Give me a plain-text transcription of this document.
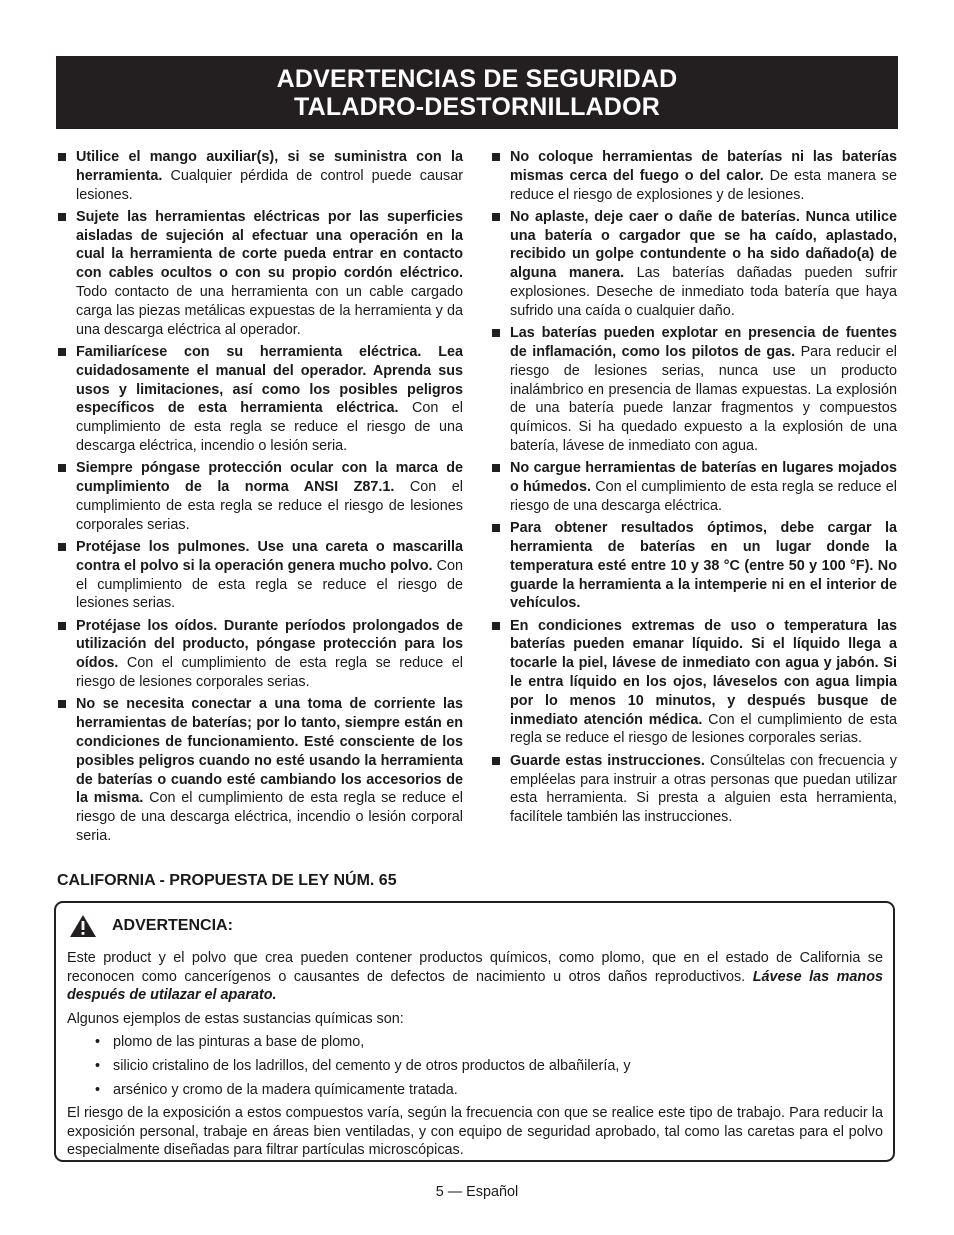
ADVERTENCIAS DE SEGURIDAD
TALADRO-DESTORNILLADOR
Utilice el mango auxiliar(s), si se suministra con la herramienta. Cualquier pérdida de control puede causar lesiones.
Sujete las herramientas eléctricas por las superficies aisladas de sujeción al efectuar una operación en la cual la herramienta de corte pueda entrar en contacto con cables ocultos o con su propio cordón eléctrico. Todo contacto de una herramienta con un cable cargado carga las piezas metálicas expuestas de la herramienta y da una descarga eléctrica al operador.
Familiarícese con su herramienta eléctrica. Lea cuidadosamente el manual del operador. Aprenda sus usos y limitaciones, así como los posibles peligros específicos de esta herramienta eléctrica. Con el cumplimiento de esta regla se reduce el riesgo de una descarga eléctrica, incendio o lesión seria.
Siempre póngase protección ocular con la marca de cumplimiento de la norma ANSI Z87.1. Con el cumplimiento de esta regla se reduce el riesgo de lesiones corporales serias.
Protéjase los pulmones. Use una careta o mascarilla contra el polvo si la operación genera mucho polvo. Con el cumplimiento de esta regla se reduce el riesgo de lesiones serias.
Protéjase los oídos. Durante períodos prolongados de utilización del producto, póngase protección para los oídos. Con el cumplimiento de esta regla se reduce el riesgo de lesiones corporales serias.
No se necesita conectar a una toma de corriente las herramientas de baterías; por lo tanto, siempre están en condiciones de funcionamiento. Esté consciente de los posibles peligros cuando no esté usando la herramienta de baterías o cuando esté cambiando los accesorios de la misma. Con el cumplimiento de esta regla se reduce el riesgo de una descarga eléctrica, incendio o lesión corporal seria.
No coloque herramientas de baterías ni las baterías mismas cerca del fuego o del calor. De esta manera se reduce el riesgo de explosiones y de lesiones.
No aplaste, deje caer o dañe de baterías. Nunca utilice una batería o cargador que se ha caído, aplastado, recibido un golpe contundente o ha sido dañado(a) de alguna manera. Las baterías dañadas pueden sufrir explosiones. Deseche de inmediato toda batería que haya sufrido una caída o cualquier daño.
Las baterías pueden explotar en presencia de fuentes de inflamación, como los pilotos de gas. Para reducir el riesgo de lesiones serias, nunca use un producto inalámbrico en presencia de llamas expuestas. La explosión de una batería puede lanzar fragmentos y compuestos químicos. Si ha quedado expuesto a la explosión de una batería, lávese de inmediato con agua.
No cargue herramientas de baterías en lugares mojados o húmedos. Con el cumplimiento de esta regla se reduce el riesgo de una descarga eléctrica.
Para obtener resultados óptimos, debe cargar la herramienta de baterías en un lugar donde la temperatura esté entre 10 y 38 °C (entre 50 y 100 °F). No guarde la herramienta a la intemperie ni en el interior de vehículos.
En condiciones extremas de uso o temperatura las baterías pueden emanar líquido. Si el líquido llega a tocarle la piel, lávese de inmediato con agua y jabón. Si le entra líquido en los ojos, láveselos con agua limpia por lo menos 10 minutos, y después busque de inmediato atención médica. Con el cumplimiento de esta regla se reduce el riesgo de lesiones corporales serias.
Guarde estas instrucciones. Consúltelas con frecuencia y empléelas para instruir a otras personas que puedan utilizar esta herramienta. Si presta a alguien esta herramienta, facilítele también las instrucciones.
CALIFORNIA - PROPUESTA DE LEY NÚM. 65
ADVERTENCIA:

Este product y el polvo que crea pueden contener productos químicos, como plomo, que en el estado de California se reconocen como cancerígenos o causantes de defectos de nacimiento u otros daños reproductivos. Lávese las manos después de utilazar el aparato.

Algunos ejemplos de estas sustancias químicas son:

• plomo de las pinturas a base de plomo,
• silicio cristalino de los ladrillos, del cemento y de otros productos de albañilería, y
• arsénico y cromo de la madera químicamente tratada.

El riesgo de la exposición a estos compuestos varía, según la frecuencia con que se realice este tipo de trabajo. Para reducir la exposición personal, trabaje en áreas bien ventiladas, y con equipo de seguridad aprobado, tal como las caretas para el polvo especialmente diseñadas para filtrar partículas microscópicas.

5 — Español
